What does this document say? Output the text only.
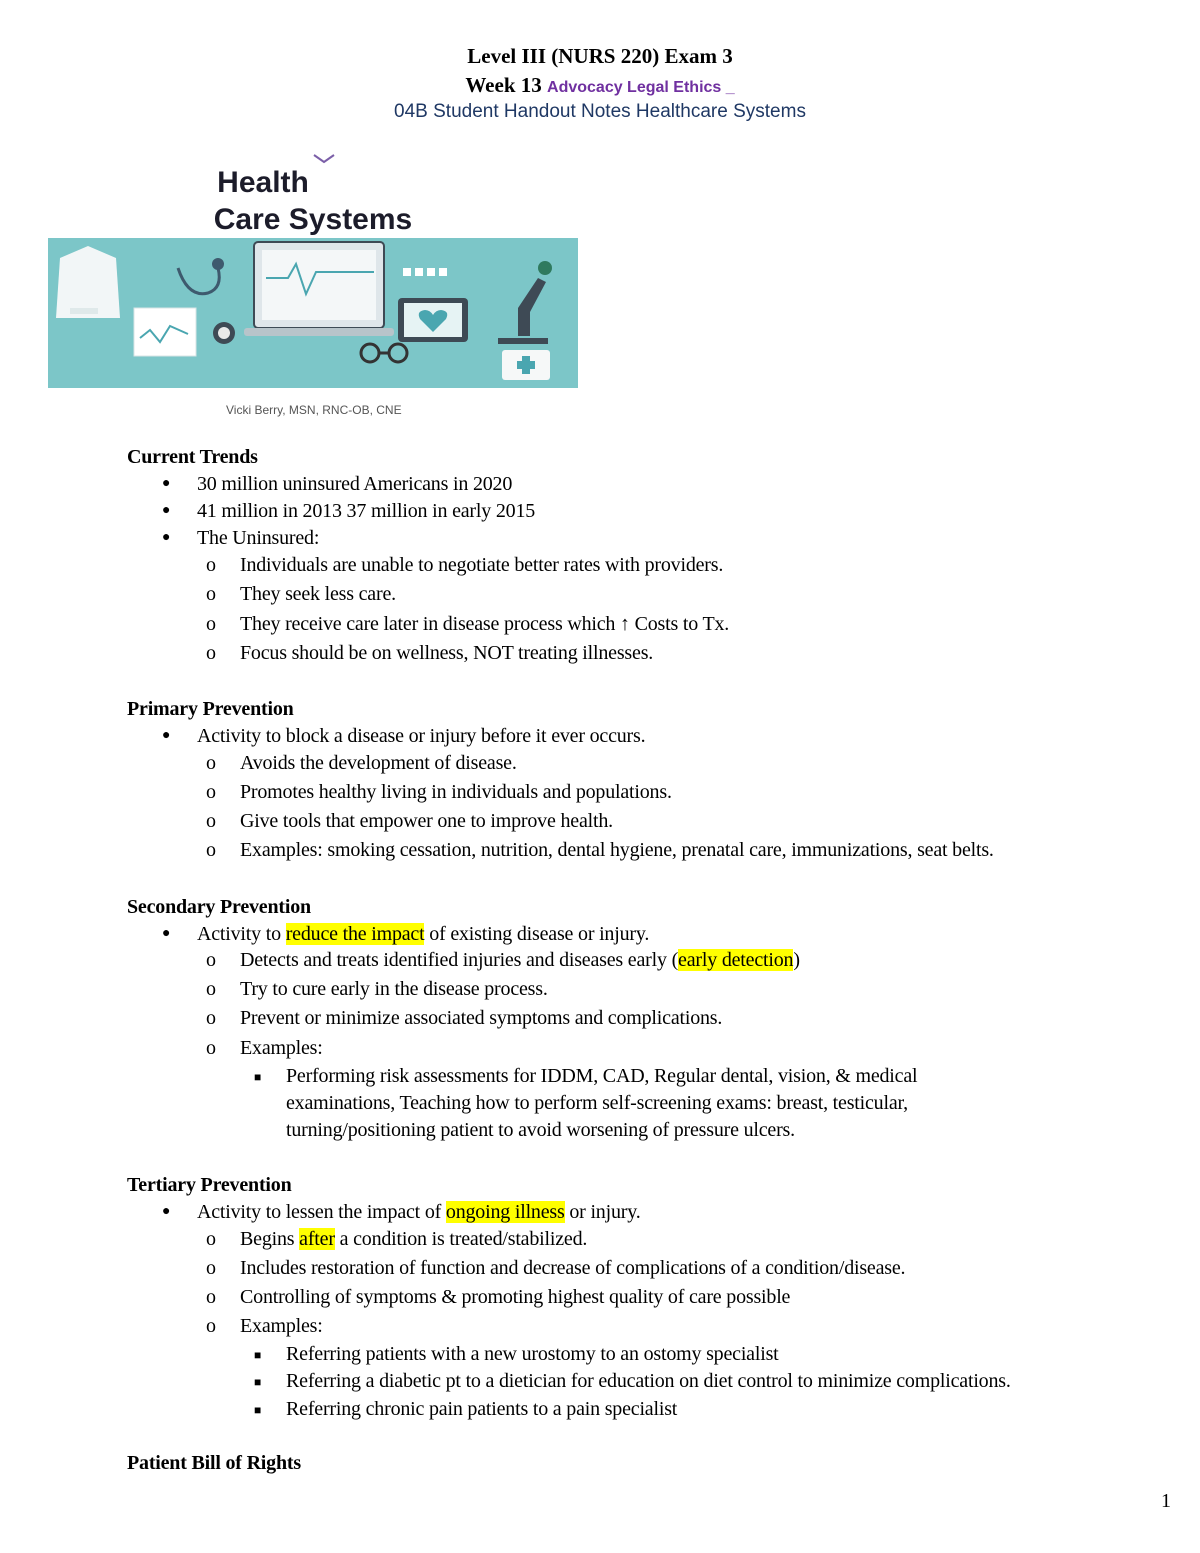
Level III (NURS 220) Exam 3
Week 13 Advocacy Legal Ethics _
04B Student Handout Notes Healthcare Systems
Health
Care Systems
Vicki Berry, MSN, RNC-OB, CNE
Current Trends
● 30 million uninsured Americans in 2020
● 41 million in 2013 37 million in early 2015
● The Uninsured:
o Individuals are unable to negotiate better rates with providers.
o They seek less care.
o They receive care later in disease process which ↑ Costs to Tx.
o Focus should be on wellness, NOT treating illnesses.
Primary Prevention
● Activity to block a disease or injury before it ever occurs.
o Avoids the development of disease.
o Promotes healthy living in individuals and populations.
o Give tools that empower one to improve health.
o Examples: smoking cessation, nutrition, dental hygiene, prenatal care, immunizations, seat belts.
Secondary Prevention
● Activity to reduce the impact of existing disease or injury.
o Detects and treats identified injuries and diseases early (early detection)
o Try to cure early in the disease process.
o Prevent or minimize associated symptoms and complications.
o Examples:
■ Performing risk assessments for IDDM, CAD, Regular dental, vision, & medical
examinations, Teaching how to perform self-screening exams: breast, testicular,
turning/positioning patient to avoid worsening of pressure ulcers.
Tertiary Prevention
● Activity to lessen the impact of ongoing illness or injury.
o Begins after a condition is treated/stabilized.
o Includes restoration of function and decrease of complications of a condition/disease.
o Controlling of symptoms & promoting highest quality of care possible
o Examples:
■ Referring patients with a new urostomy to an ostomy specialist
■ Referring a diabetic pt to a dietician for education on diet control to minimize complications.
■ Referring chronic pain patients to a pain specialist
Patient Bill of Rights
1
